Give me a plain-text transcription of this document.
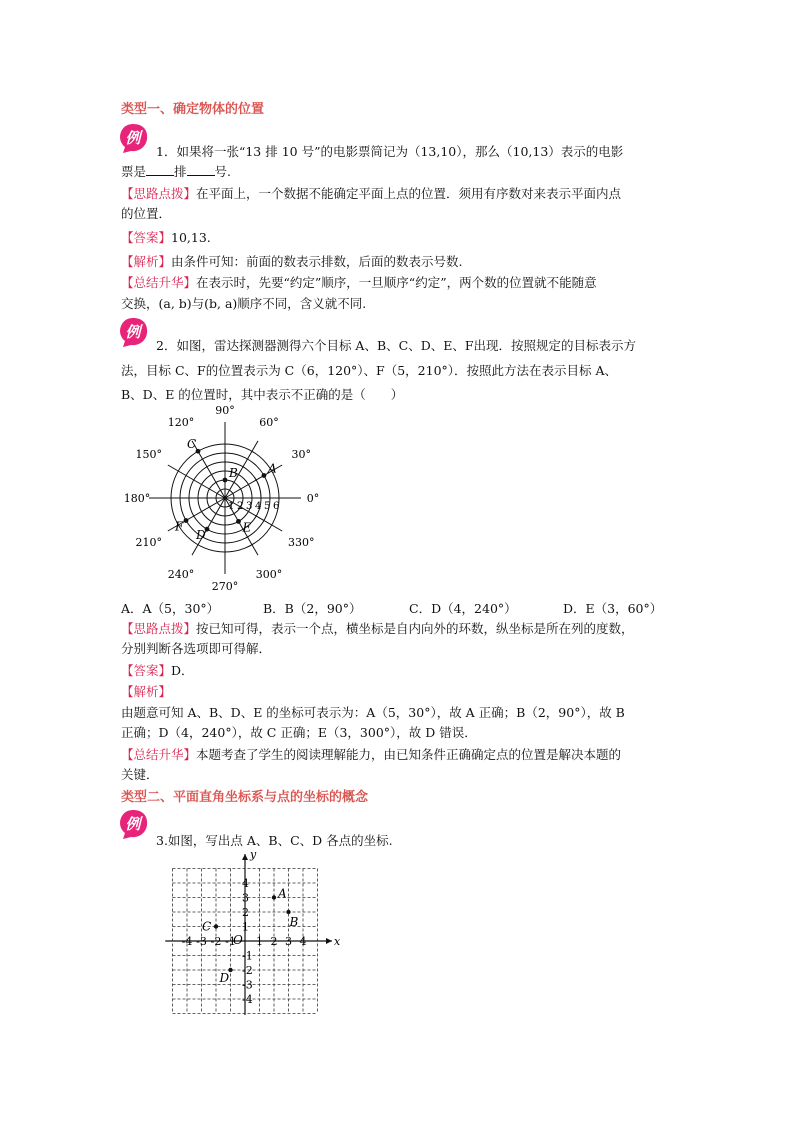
类型一、确定物体的位置
例
1．如果将一张“13 排 10 号”的电影票简记为（13,10），那么（10,13）表示的电影
票是 排 号.
【思路点拨】在平面上，一个数据不能确定平面上点的位置．须用有序数对来表示平面内点
的位置．
【答案】10,13.
【解析】由条件可知：前面的数表示排数，后面的数表示号数.
【总结升华】在表示时，先要“约定”顺序，一旦顺序“约定”，两个数的位置就不能随意
交换，(a, b)与(b, a)顺序不同，含义就不同.
例
2．如图，雷达探测器测得六个目标 A、B、C、D、E、F出现．按照规定的目标表示方
法，目标 C、F的位置表示为 C（6，120°）、F（5，210°）．按照此方法在表示目标 A、
B、D、E 的位置时，其中表示不正确的是（　　）
1 2 3 4 5 6
90°
60°
30°
0°
330°
300°
270°
240°
210°
180°
150°
120°
A
B
C
D
E
F
A．A（5，30°）	B．B（2，90°）	C．D（4，240°）	D．E（3，60°）
【思路点拨】按已知可得，表示一个点，横坐标是自内向外的环数，纵坐标是所在列的度数，
分别判断各选项即可得解．
【答案】D．
【解析】
由题意可知 A、B、D、E 的坐标可表示为：A（5，30°），故 A 正确；B（2，90°），故 B
正确；D（4，240°），故 C 正确；E（3，300°），故 D 错误．
【总结升华】本题考查了学生的阅读理解能力，由已知条件正确确定点的位置是解决本题的
关键．
类型二、平面直角坐标系与点的坐标的概念
例
3.如图，写出点 A、B、C、D 各点的坐标.
x
y
O
-4 -3 -2 -1 1 2 3 4
4
3
2
1
-1
-2
-3
-4
A
B
C
D
